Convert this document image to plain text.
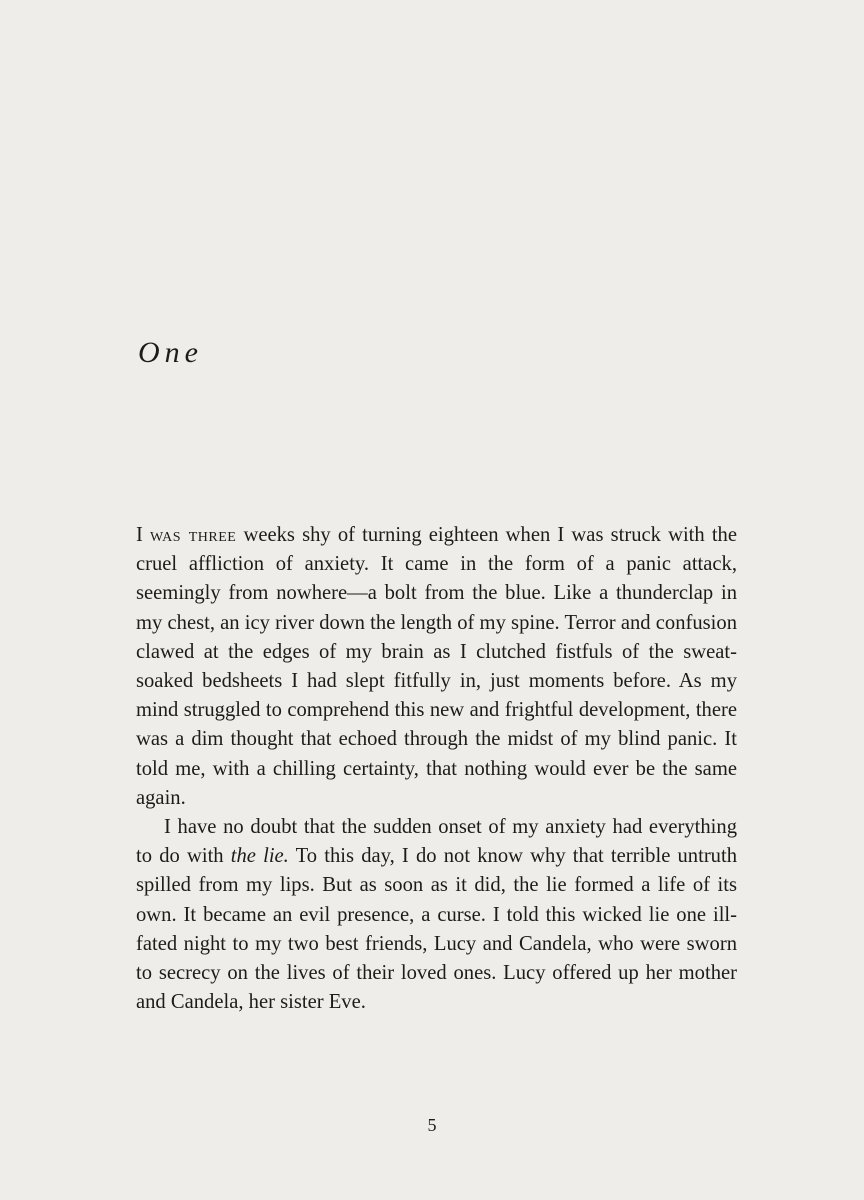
One

I was three weeks shy of turning eighteen when I was struck with the cruel affliction of anxiety. It came in the form of a panic attack, seemingly from nowhere—a bolt from the blue. Like a thunderclap in my chest, an icy river down the length of my spine. Terror and confusion clawed at the edges of my brain as I clutched fistfuls of the sweat-soaked bedsheets I had slept fitfully in, just moments before. As my mind struggled to comprehend this new and frightful development, there was a dim thought that echoed through the midst of my blind panic. It told me, with a chilling certainty, that nothing would ever be the same again.

I have no doubt that the sudden onset of my anxiety had everything to do with the lie. To this day, I do not know why that terrible untruth spilled from my lips. But as soon as it did, the lie formed a life of its own. It became an evil presence, a curse. I told this wicked lie one ill-fated night to my two best friends, Lucy and Candela, who were sworn to secrecy on the lives of their loved ones. Lucy offered up her mother and Candela, her sister Eve.

5
